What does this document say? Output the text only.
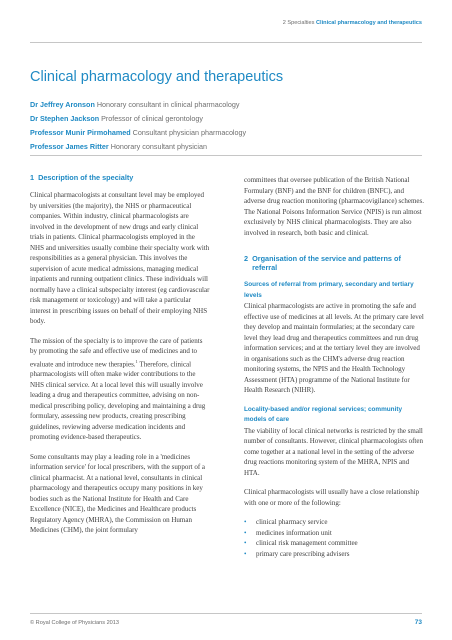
2 Specialties Clinical pharmacology and therapeutics
Clinical pharmacology and therapeutics
Dr Jeffrey Aronson Honorary consultant in clinical pharmacology
Dr Stephen Jackson Professor of clinical gerontology
Professor Munir Pirmohamed Consultant physician pharmacology
Professor James Ritter Honorary consultant physician
1 Description of the specialty

Clinical pharmacologists at consultant level may be employed by universities (the majority), the NHS or pharmaceutical companies. Within industry, clinical pharmacologists are involved in the development of new drugs and early clinical trials in patients. Clinical pharmacologists employed in the NHS and universities usually combine their specialty work with responsibilities as a general physician. This involves the supervision of acute medical admissions, managing medical inpatients and running outpatient clinics. These individuals will normally have a clinical subspecialty interest (eg cardiovascular risk management or toxicology) and will take a particular interest in prescribing issues on behalf of their employing NHS body.

The mission of the specialty is to improve the care of patients by promoting the safe and effective use of medicines and to evaluate and introduce new therapies.$^1$ Therefore, clinical pharmacologists will often make wider contributions to the NHS clinical service. At a local level this will usually involve leading a drug and therapeutics committee, advising on non-medical prescribing policy, developing and maintaining a drug formulary, assessing new products, creating prescribing guidelines, reviewing adverse medication incidents and promoting evidence-based therapeutics.

Some consultants may play a leading role in a 'medicines information service' for local prescribers, with the support of a clinical pharmacist. At a national level, consultants in clinical pharmacology and therapeutics occupy many positions in key bodies such as the National Institute for Health and Care Excellence (NICE), the Medicines and Healthcare products Regulatory Agency (MHRA), the Commission on Human Medicines (CHM), the joint formulary

committees that oversee publication of the British National Formulary (BNF) and the BNF for children (BNFC), and adverse drug reaction monitoring (pharmacovigilance) schemes. The National Poisons Information Service (NPIS) is run almost exclusively by NHS clinical pharmacologists. They are also involved in research, both basic and clinical.

2 Organisation of the service and patterns of referral
Sources of referral from primary, secondary and tertiary levels

Clinical pharmacologists are active in promoting the safe and effective use of medicines at all levels. At the primary care level they develop and maintain formularies; at the secondary care level they lead drug and therapeutics committees and run drug information services; and at the tertiary level they are involved in organisations such as the CHM's adverse drug reaction monitoring systems, the NPIS and the Health Technology Assessment (HTA) programme of the National Institute for Health Research (NIHR).

Locality-based and/or regional services; community models of care

The viability of local clinical networks is restricted by the small number of consultants. However, clinical pharmacologists often come together at a national level in the setting of the adverse drug reactions monitoring system of the MHRA, NPIS and HTA.

Clinical pharmacologists will usually have a close relationship with one or more of the following:

• clinical pharmacy service
• medicines information unit
• clinical risk management committee
• primary care prescribing advisers
© Royal College of Physicians 2013	73
